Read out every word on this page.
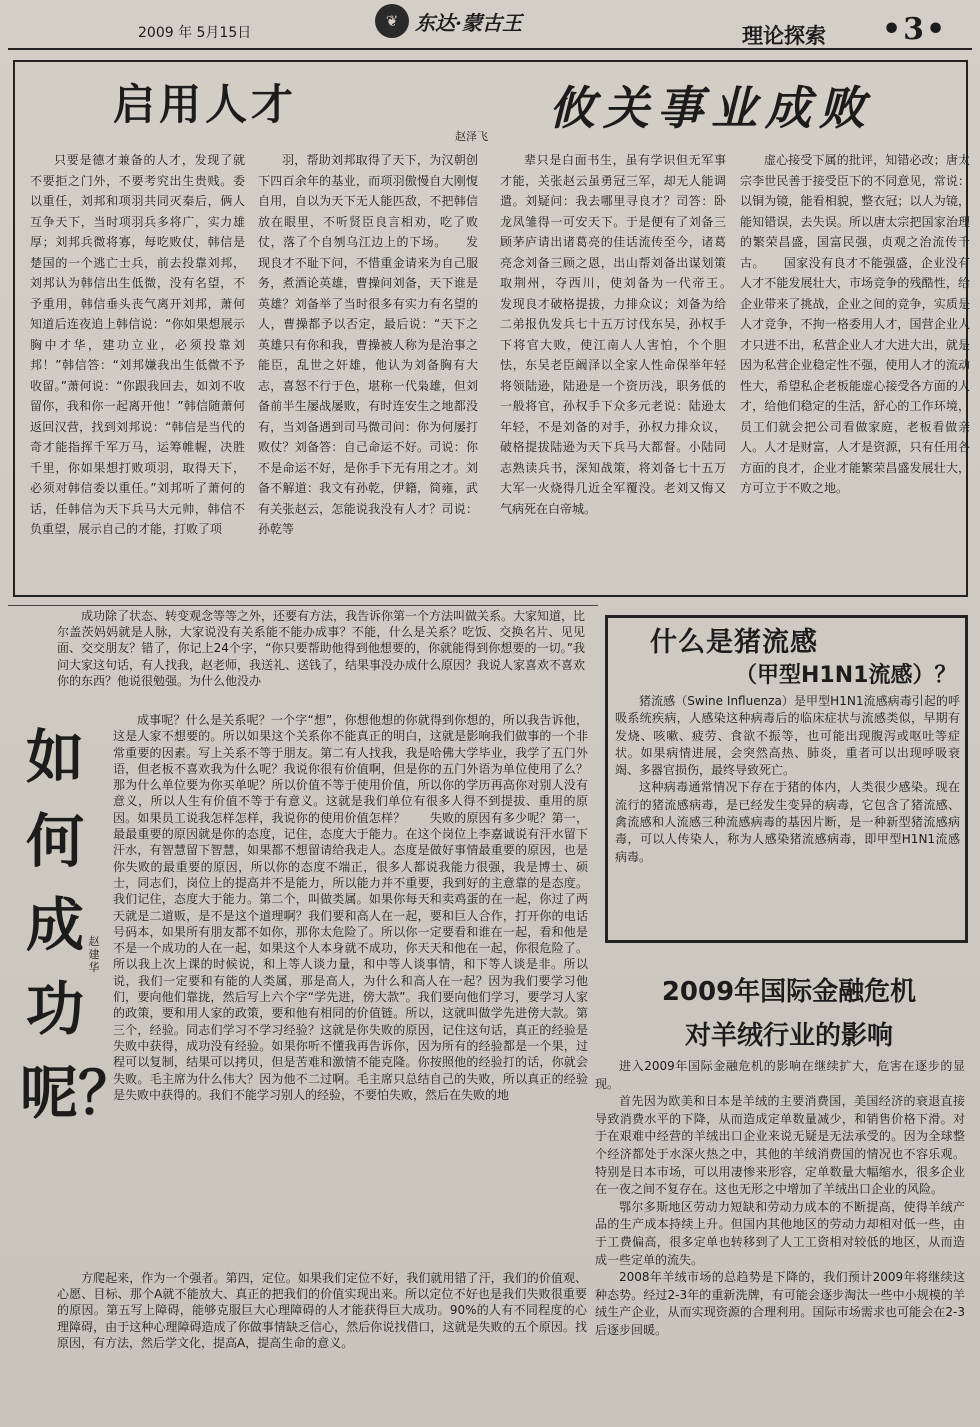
2009 年 5月15日
❦ 东达·蒙古王
理论探索 •3•
启用人才	攸关事业成败
赵泽飞

只要是德才兼备的人才，发现了就不要拒之门外，不要考究出生贵贱。委以重任，刘邦和项羽共同灭秦后，俩人互争天下，当时项羽兵多将广，实力雄厚；刘邦兵微将寡，每吃败仗，韩信是楚国的一个逃亡士兵，前去投靠刘邦，刘邦认为韩信出生低微，没有名望，不予重用，韩信垂头丧气离开刘邦，萧何知道后连夜追上韩信说：“你如果想展示胸中才华，建功立业，必须投靠刘邦！”韩信答：“刘邦嫌我出生低微不予收留。”萧何说：“你跟我回去，如刘不收留你，我和你一起离开他！”韩信随萧何返回汉营，找到刘邦说：“韩信是当代的奇才能指挥千军万马，运筹帷幄，决胜千里，你如果想打败项羽，取得天下，必须对韩信委以重任。”刘邦听了萧何的话，任韩信为天下兵马大元帅，韩信不负重望，展示自己的才能，打败了项

羽，帮助刘邦取得了天下，为汉朝创下四百余年的基业，而项羽傲慢自大刚愎自用，自以为天下无人能匹敌，不把韩信放在眼里，不听贤臣良言相劝，吃了败仗，落了个自刎乌江边上的下场。　　发现良才不耻下问，不惜重金请来为自己服务，煮酒论英雄，曹操问刘备，天下谁是英雄？刘备举了当时很多有实力有名望的人，曹操都予以否定，最后说：“天下之英雄只有你和我，曹操被人称为是治事之能臣，乱世之奸雄，他认为刘备胸有大志，喜怒不行于色，堪称一代枭雄，但刘备前半生屡战屡败，有时连安生之地都没有，当刘备遇到司马微司问：你为何屡打败仗？刘备答：自己命运不好。司说：你不是命运不好，是你手下无有用之才。刘备不解道：我文有孙乾，伊籍，简雍，武有关张赵云，怎能说我没有人才？司说：孙乾等

辈只是白面书生，虽有学识但无军事才能，关张赵云虽勇冠三军，却无人能调遣。刘疑问：我去哪里寻良才？司答：卧龙凤雏得一可安天下。于是便有了刘备三顾茅庐请出诸葛亮的佳话流传至今，诸葛亮念刘备三顾之恩，出山帮刘备出谋划策取荆州，夺西川，使刘备为一代帝王。　　发现良才破格提拔，力排众议；刘备为给二弟报仇发兵七十五万讨伐东吴，孙权手下将官大败，使江南人人害怕，个个胆怯，东吴老臣阚泽以全家人性命保举年轻将领陆逊，陆逊是一个资历浅，职务低的一般将官，孙权手下众多元老说：陆逊太年轻，不是刘备的对手，孙权力排众议，破格提拔陆逊为天下兵马大都督。小陆同志熟读兵书，深知战策，将刘备七十五万大军一火烧得几近全军覆没。老刘又悔又气病死在白帝城。

虚心接受下属的批评，知错必改；唐太宗李世民善于接受臣下的不同意见，常说：以铜为镜，能看相貌，整衣冠；以人为镜，能知错误，去失误。所以唐太宗把国家治理的繁荣昌盛，国富民强，贞观之治流传千古。　　国家没有良才不能强盛，企业没有人才不能发展壮大，市场竞争的残酷性，给企业带来了挑战，企业之间的竞争，实质是人才竞争，不拘一格委用人才，国营企业人才只进不出，私营企业人才大进大出，就是因为私营企业稳定性不强，使用人才的流动性大，希望私企老板能虚心接受各方面的人才，给他们稳定的生活，舒心的工作环境，员工们就会把公司看做家庭，老板看做亲人。人才是财富，人才是资源，只有任用各方面的良才，企业才能繁荣昌盛发展壮大，方可立于不败之地。

成功除了状态、转变观念等等之外，还要有方法，我告诉你第一个方法叫做关系。大家知道，比尔盖茨妈妈就是人脉，大家说没有关系能不能办成事？不能，什么是关系？吃饭、交换名片、见见面、交交朋友？错了，你记上24个字，“你只要帮助他得到他想要的，你就能得到你想要的一切。”我问大家这句话，有人找我，赵老师，我送礼、送钱了，结果事没办成什么原因？我说人家喜欢不喜欢你的东西？他说很勉强。为什么他没办

如何成功呢？
赵建华

成事呢？什么是关系呢？一个字“想”，你想他想的你就得到你想的，所以我告诉他，这是人家不想要的。所以如果这个关系你不能真正的明白，这就是影响我们做事的一个非常重要的因素。写上关系不等于朋友。第二有人找我，我是哈佛大学毕业，我学了五门外语，但老板不喜欢我为什么呢？我说你很有价值啊，但是你的五门外语为单位使用了么？那为什么单位要为你买单呢？所以价值不等于使用价值，所以你的学历再高你对别人没有意义，所以人生有价值不等于有意义。这就是我们单位有很多人得不到提拔、重用的原因。如果员工说我怎样怎样，我说你的使用价值怎样？　　失败的原因有多少呢？第一，最最重要的原因就是你的态度，记住，态度大于能力。在这个岗位上李嘉诚说有汗水留下汗水，有智慧留下智慧，如果都不想留请给我走人。态度是做好事情最重要的原因，也是你失败的最重要的原因，所以你的态度不端正，很多人都说我能力很强，我是博士、硕士，同志们，岗位上的提高并不是能力，所以能力并不重要，我到好的主意靠的是态度。我们记住，态度大于能力。第二个，叫做类属。如果你每天和卖鸡蛋的在一起，你过了两天就是二道贩，是不是这个道理啊？我们要和高人在一起，要和巨人合作，打开你的电话号码本，如果所有朋友都不如你，那你太危险了。所以你一定要看和谁在一起，看和他是不是一个成功的人在一起，如果这个人本身就不成功，你天天和他在一起，你很危险了。所以我上次上课的时候说，和上等人谈力量，和中等人谈事情，和下等人谈是非。所以说，我们一定要和有能的人类属，那是高人，为什么和高人在一起？因为我们要学习他们，要向他们靠拢，然后写上六个字“学先进，傍大款”。我们要向他们学习，要学习人家的政策，要和用人家的政策，要和他有相同的价值链。所以，这就叫做学先进傍大款。第三个，经验。同志们学习不学习经验？这就是你失败的原因，记住这句话，真正的经验是失败中获得，成功没有经验。如果你听不懂我再告诉你，因为所有的经验都是一个果，过程可以复制，结果可以拷贝，但是苦难和激情不能克隆。你按照他的经验打的话，你就会失败。毛主席为什么伟大？因为他不二过啊。毛主席只总结自己的失败，所以真正的经验是失败中获得的。我们不能学习别人的经验，不要怕失败，然后在失败的地

方爬起来，作为一个强者。第四，定位。如果我们定位不好，我们就用错了汗，我们的价值观、心愿、目标、那个A就不能放大、真正的把我们的价值实现出来。所以定位不好也是我们失败很重要的原因。第五写上障碍，能够克服巨大心理障碍的人才能获得巨大成功。90%的人有不同程度的心理障碍，由于这种心理障碍造成了你做事情缺乏信心，然后你说找借口，这就是失败的五个原因。找原因，有方法，然后学文化，提高A，提高生命的意义。

什么是猪流感
（甲型H1N1流感）？

猪流感（Swine Influenza）是甲型H1N1流感病毒引起的呼吸系统疾病，人感染这种病毒后的临床症状与流感类似，早期有发烧、咳嗽、疲劳、食欲不振等，也可能出现腹泻或呕吐等症状。如果病情进展，会突然高热、肺炎，重者可以出现呼吸衰竭、多器官损伤，最终导致死亡。

这种病毒通常情况下存在于猪的体内，人类很少感染。现在流行的猪流感病毒，是已经发生变异的病毒，它包含了猪流感、禽流感和人流感三种流感病毒的基因片断，是一种新型猪流感病毒，可以人传染人，称为人感染猪流感病毒，即甲型H1N1流感病毒。

2009年国际金融危机
对羊绒行业的影响

进入2009年国际金融危机的影响在继续扩大，危害在逐步的显现。

首先因为欧美和日本是羊绒的主要消费国，美国经济的衰退直接导致消费水平的下降，从而造成定单数量减少，和销售价格下滑。对于在艰难中经营的羊绒出口企业来说无疑是无法承受的。因为全球整个经济都处于水深火热之中，其他的羊绒消费国的情况也不容乐观。特别是日本市场，可以用凄惨来形容，定单数量大幅缩水，很多企业在一夜之间不复存在。这也无形之中增加了羊绒出口企业的风险。

鄂尔多斯地区劳动力短缺和劳动力成本的不断提高，使得羊绒产品的生产成本持续上升。但国内其他地区的劳动力却相对低一些，由于工费偏高，很多定单也转移到了人工工资相对较低的地区，从而造成一些定单的流失。

2008年羊绒市场的总趋势是下降的，我们预计2009年将继续这种态势。经过2-3年的重新洗牌，有可能会逐步淘汰一些中小规模的羊绒生产企业，从而实现资源的合理利用。国际市场需求也可能会在2-3后逐步回暖。
